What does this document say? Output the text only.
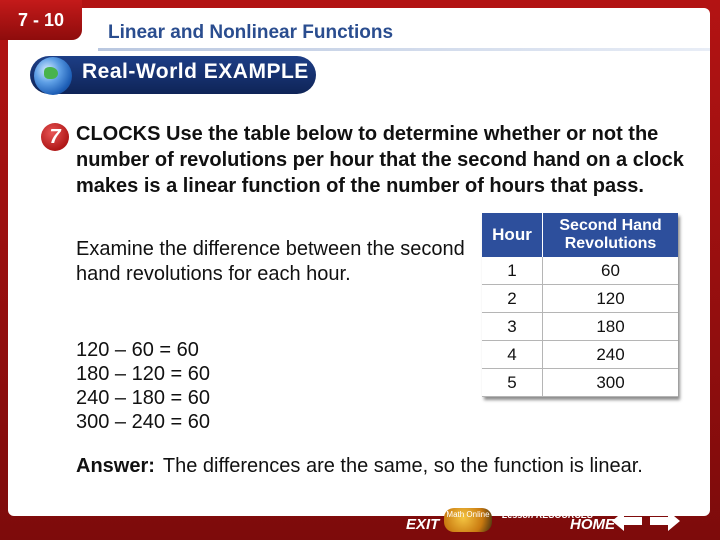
Linear and Nonlinear Functions
7 - 10
Real-World EXAMPLE
7 CLOCKS Use the table below to determine whether or not the number of revolutions per hour that the second hand on a clock makes is a linear function of the number of hours that pass.
Examine the difference between the second hand revolutions for each hour.
120 – 60 = 60
180 – 120 = 60
240 – 180 = 60
300 – 240 = 60
Answer: The differences are the same, so the function is linear.
Hour	Second Hand Revolutions
1	60
2	120
3	180
4	240
5	300
EXIT
Math Online Lesson RESOURCES
HOME
